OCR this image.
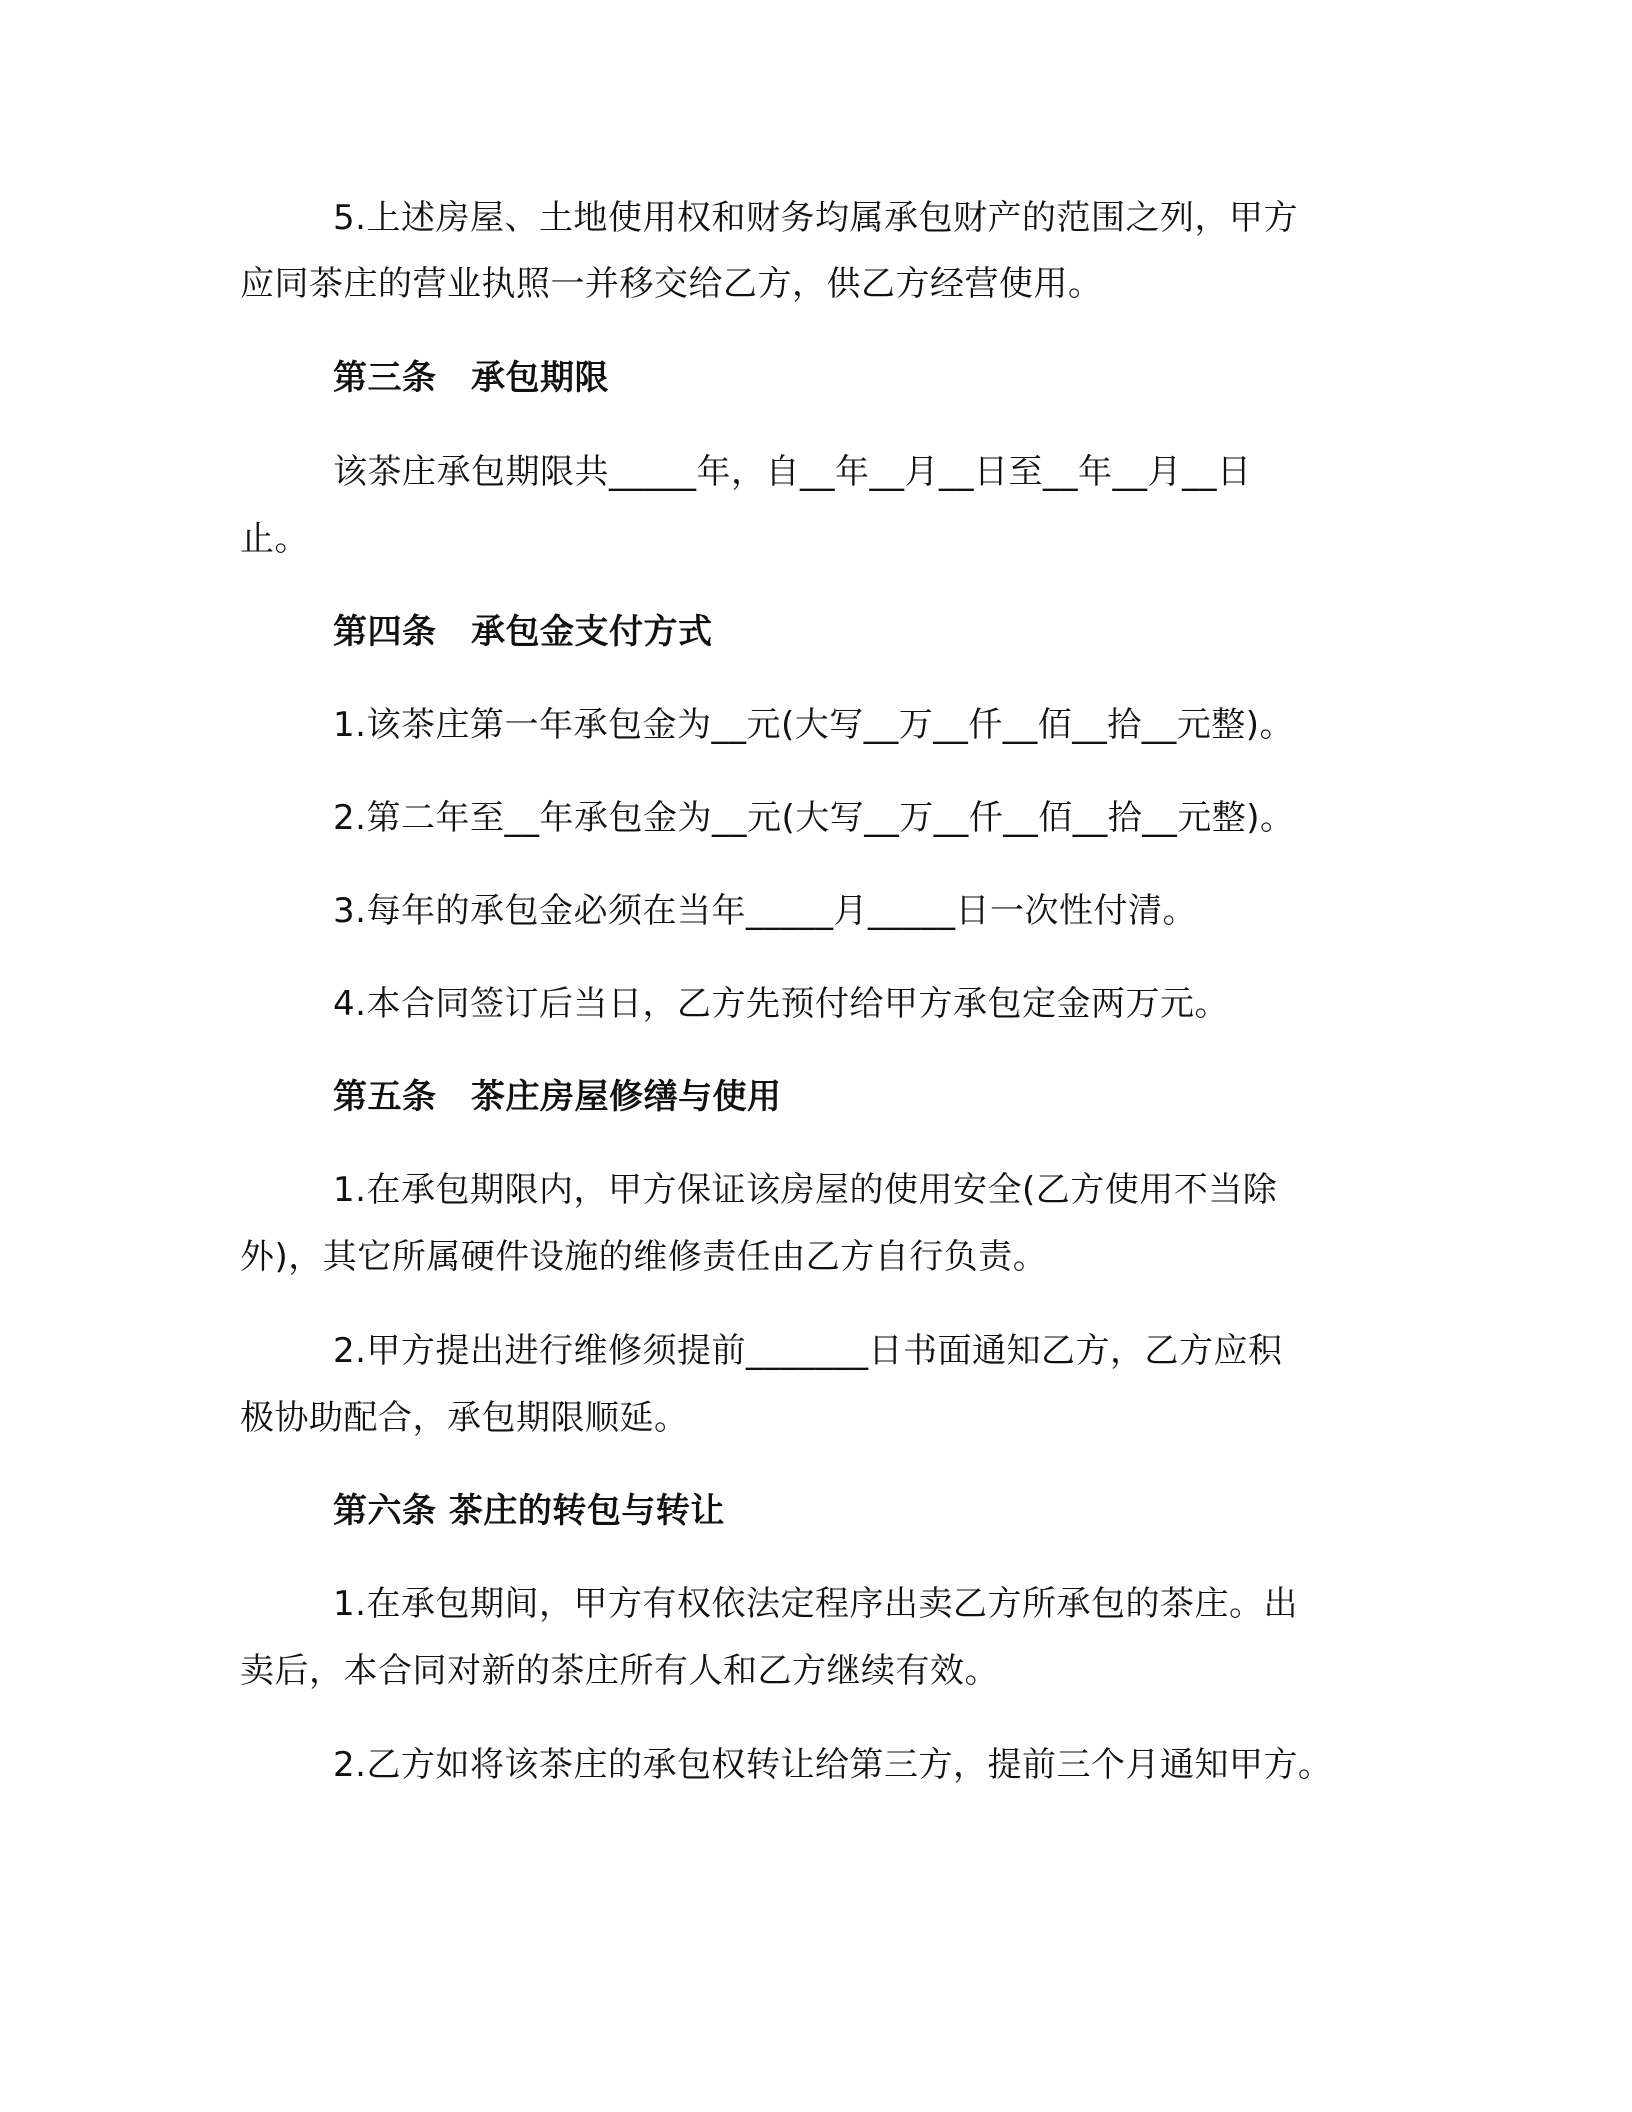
5.上述房屋、土地使用权和财务均属承包财产的范围之列，甲方
应同茶庄的营业执照一并移交给乙方，供乙方经营使用。
第三条　承包期限
该茶庄承包期限共_____年，自__年__月__日至__年__月__日
止。
第四条　承包金支付方式
1.该茶庄第一年承包金为__元(大写__万__仟__佰__拾__元整)。
2.第二年至__年承包金为__元(大写__万__仟__佰__拾__元整)。
3.每年的承包金必须在当年_____月_____日一次性付清。
4.本合同签订后当日，乙方先预付给甲方承包定金两万元。
第五条　茶庄房屋修缮与使用
1.在承包期限内，甲方保证该房屋的使用安全(乙方使用不当除
外)，其它所属硬件设施的维修责任由乙方自行负责。
2.甲方提出进行维修须提前_______日书面通知乙方，乙方应积
极协助配合，承包期限顺延。
第六条 茶庄的转包与转让
1.在承包期间，甲方有权依法定程序出卖乙方所承包的茶庄。出
卖后，本合同对新的茶庄所有人和乙方继续有效。
2.乙方如将该茶庄的承包权转让给第三方，提前三个月通知甲方。
